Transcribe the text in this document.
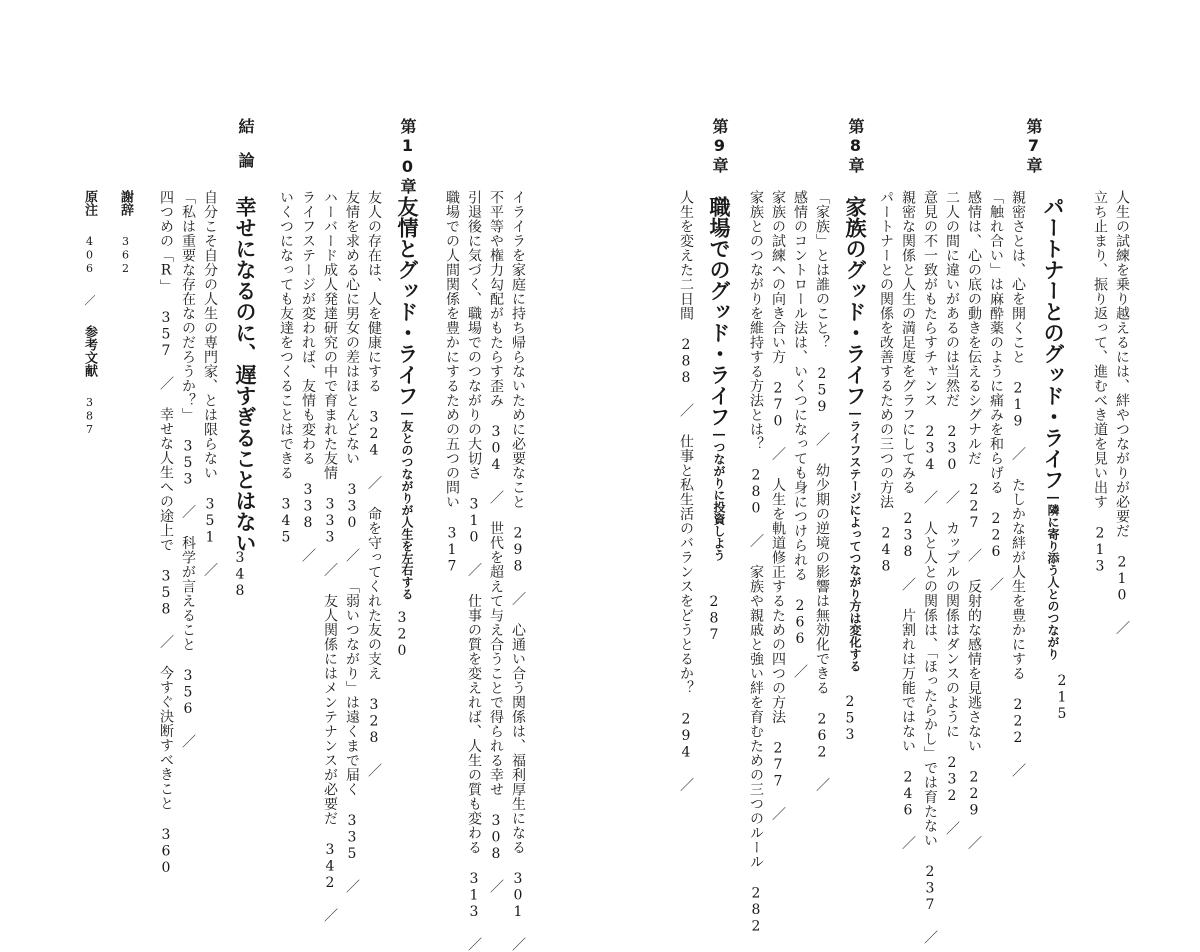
第7章
パートナーとのグッド・ライフ―隣に寄り添う人とのつながり
215
人生の試練を乗り越えるには、絆やつながりが必要だ 210 ／
立ち止まり、振り返って、進むべき道を見い出す 213
親密さとは、心を開くこと 219 ／ たしかな絆が人生を豊かにする 222 ／
「触れ合い」は麻酔薬のように痛みを和らげる 226 ／
感情は、心の底の動きを伝えるシグナルだ 227 ／ 反射的な感情を見逃さない 229 ／
二人の間に違いがあるのは当然だ 230 ／ カップルの関係はダンスのように 232 ／
意見の不一致がもたらすチャンス 234 ／ 人と人との関係は、「ほったらかし」では育たない 237 ／
親密な関係と人生の満足度をグラフにしてみる 238 ／ 片割れは万能ではない 246 ／
パートナーとの関係を改善するための三つの方法 248
第8章
家族のグッド・ライフ―ライフステージによってつながり方は変化する
253
「家族」とは誰のこと？ 259 ／ 幼少期の逆境の影響は無効化できる 262 ／
感情のコントロール法は、いくつになっても身につけられる 266 ／
家族の試練への向き合い方 270 ／ 人生を軌道修正するための四つの方法 277 ／
家族とのつながりを維持する方法とは？ 280 ／ 家族や親戚と強い絆を育むための三つのルール 282
第9章
職場でのグッド・ライフ―つながりに投資しよう
287
人生を変えた二日間 288 ／ 仕事と私生活のバランスをどうとるか？ 294 ／
イライラを家庭に持ち帰らないために必要なこと 298 ／ 心通い合う関係は、福利厚生になる 301 ／
不平等や権力勾配がもたらす歪み 304 ／ 世代を超えて与え合うことで得られる幸せ 308 ／
引退後に気づく、職場でのつながりの大切さ 310 ／ 仕事の質を変えれば、人生の質も変わる 313 ／
職場での人間関係を豊かにするための五つの問い 317
第10章
友情とグッド・ライフ―友とのつながりが人生を左右する
320
友人の存在は、人を健康にする 324 ／ 命を守ってくれた友の支え 328 ／
友情を求める心に男女の差はほとんどない 330 ／ 「弱いつながり」は遠くまで届く 335 ／
ハーバード成人発達研究の中で育まれた友情 333 ／ 友人関係にはメンテナンスが必要だ 342 ／
ライフステージが変われば、友情も変わる 338 ／
いくつになっても友達をつくることはできる 345
結論
幸せになるのに、遅すぎることはない
348
自分こそ自分の人生の専門家、とは限らない 351 ／
「私は重要な存在なのだろうか？」 353 ／ 科学が言えること 356 ／
四つめの「R」 357 ／ 幸せな人生への途上で 358 ／ 今すぐ決断すべきこと 360
謝辞 362
原注 406 ／ 参考文献 387
